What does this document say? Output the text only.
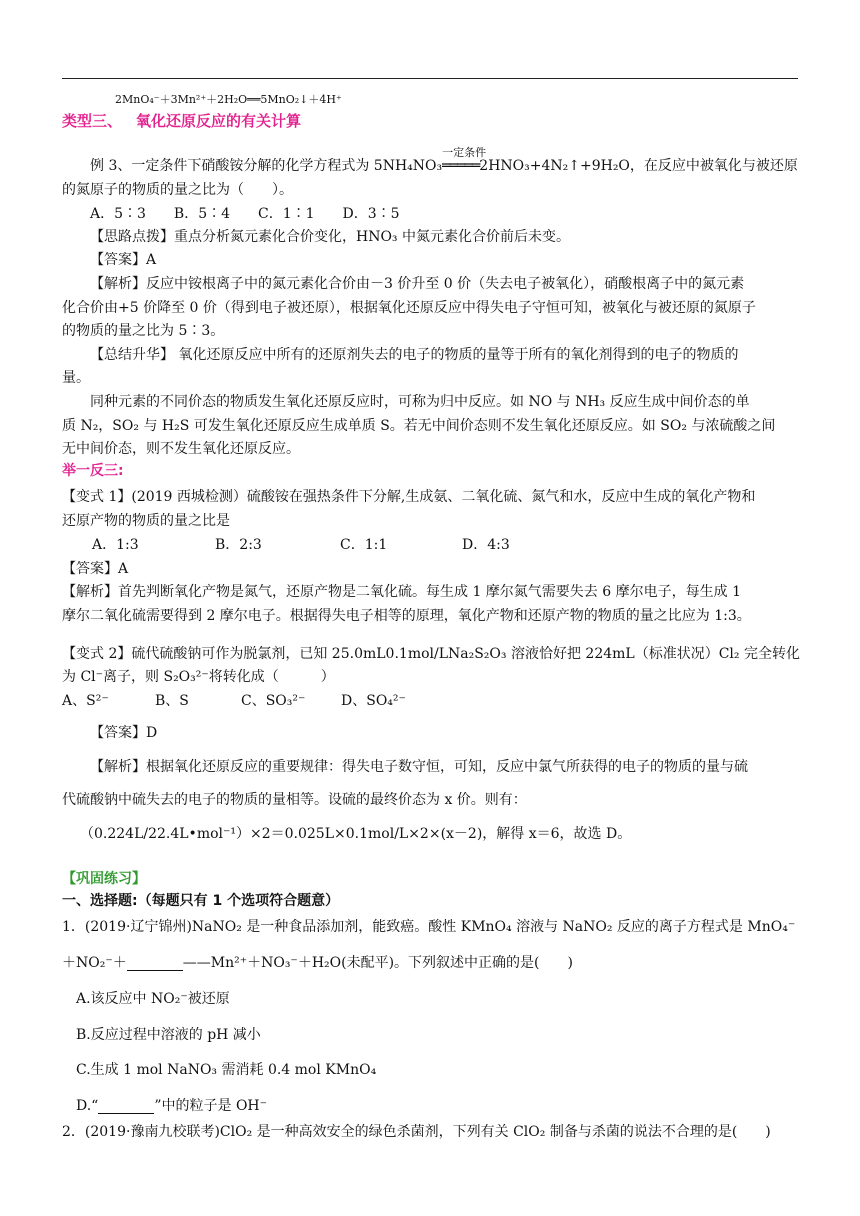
2MnO₄⁻＋3Mn²⁺＋2H₂O══5MnO₂↓＋4H⁺
类型三、 氧化还原反应的有关计算
例 3、一定条件下硝酸铵分解的化学方程式为 5NH₄NO₃
一定条件
═════2HNO₃+4N₂↑+9H₂O，在反应中被氧化与被还原
的氮原子的物质的量之比为（　　）。
A．5∶3　　B．5∶4　　C．1∶1　　D．3∶5
【思路点拨】重点分析氮元素化合价变化，HNO₃ 中氮元素化合价前后未变。
【答案】A
【解析】反应中铵根离子中的氮元素化合价由－3 价升至 0 价（失去电子被氧化），硝酸根离子中的氮元素
化合价由+5 价降至 0 价（得到电子被还原），根据氧化还原反应中得失电子守恒可知，被氧化与被还原的氮原子
的物质的量之比为 5∶3。
【总结升华】 氧化还原反应中所有的还原剂失去的电子的物质的量等于所有的氧化剂得到的电子的物质的
量。
同种元素的不同价态的物质发生氧化还原反应时，可称为归中反应。如 NO 与 NH₃ 反应生成中间价态的单
质 N₂，SO₂ 与 H₂S 可发生氧化还原反应生成单质 S。若无中间价态则不发生氧化还原反应。如 SO₂ 与浓硫酸之间
无中间价态，则不发生氧化还原反应。
举一反三:
【变式 1】(2019 西城检测）硫酸铵在强热条件下分解,生成氨、二氧化硫、氮气和水，反应中生成的氧化产物和
还原产物的物质的量之比是
A．1:3	B．2:3	C．1:1	D．4:3
【答案】A
【解析】首先判断氧化产物是氮气，还原产物是二氧化硫。每生成 1 摩尔氮气需要失去 6 摩尔电子，每生成 1
摩尔二氧化硫需要得到 2 摩尔电子。根据得失电子相等的原理，氧化产物和还原产物的物质的量之比应为 1:3。
【变式 2】硫代硫酸钠可作为脱氯剂，已知 25.0mL0.1mol/LNa₂S₂O₃ 溶液恰好把 224mL（标准状况）Cl₂ 完全转化
为 Cl⁻离子，则 S₂O₃²⁻将转化成（　　　）
A、S²⁻	B、S	C、SO₃²⁻	D、SO₄²⁻
【答案】D
【解析】根据氧化还原反应的重要规律：得失电子数守恒，可知，反应中氯气所获得的电子的物质的量与硫
代硫酸钠中硫失去的电子的物质的量相等。设硫的最终价态为 x 价。则有：
（0.224L/22.4L•mol⁻¹）×2＝0.025L×0.1mol/L×2×(x－2)，解得 x＝6，故选 D。
【巩固练习】
一、选择题:（每题只有 1 个选项符合题意）
1．(2019·辽宁锦州)NaNO₂ 是一种食品添加剂，能致癌。酸性 KMnO₄ 溶液与 NaNO₂ 反应的离子方程式是 MnO₄⁻
＋NO₂⁻＋　　　　	——Mn²⁺＋NO₃⁻＋H₂O(未配平)。下列叙述中正确的是(　　)
A.该反应中 NO₂⁻被还原
B.反应过程中溶液的 pH 减小
C.生成 1 mol NaNO₃ 需消耗 0.4 mol KMnO₄
D.“　　　　	”中的粒子是 OH⁻
2．(2019·豫南九校联考)ClO₂ 是一种高效安全的绿色杀菌剂，下列有关 ClO₂ 制备与杀菌的说法不合理的是(　　)
